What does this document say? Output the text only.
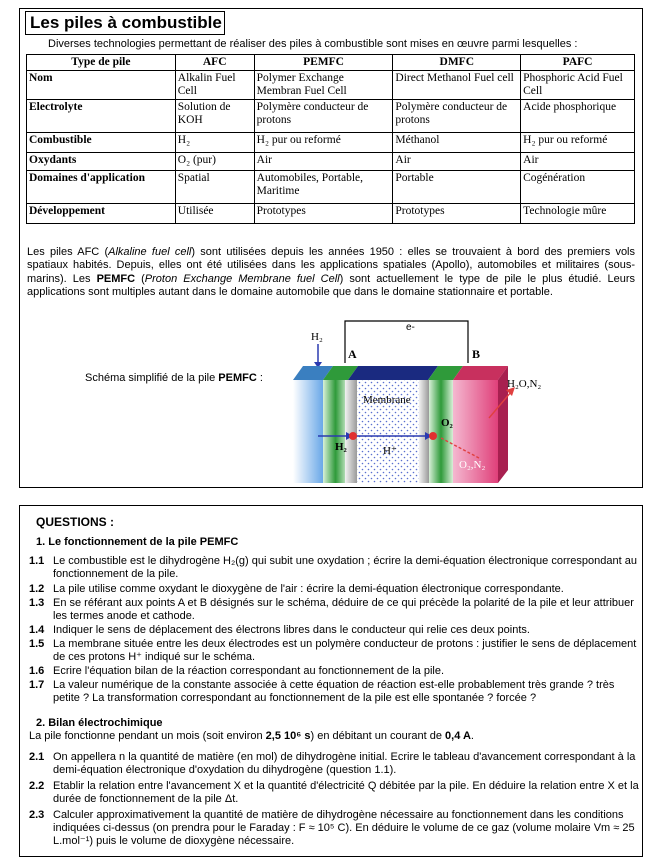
Les piles à combustible
Diverses technologies permettant de réaliser des piles à combustible sont mises en œuvre parmi lesquelles :
Type de pile	AFC	PEMFC	DMFC	PAFC
Nom	Alkalin Fuel Cell	Polymer Exchange Membran Fuel Cell	Direct Methanol Fuel cell	Phosphoric Acid Fuel Cell
Electrolyte	Solution de KOH	Polymère conducteur de protons	Polymère conducteur de protons	Acide phosphorique
Combustible	H₂	H₂ pur ou reformé	Méthanol	H₂ pur ou reformé
Oxydants	O₂ (pur)	Air	Air	Air
Domaines d'application	Spatial	Automobiles, Portable, Maritime	Portable	Cogénération
Développement	Utilisée	Prototypes	Prototypes	Technologie mûre
Les piles AFC (Alkaline fuel cell) sont utilisées depuis les années 1950 : elles se trouvaient à bord des premiers vols spatiaux habités. Depuis, elles ont été utilisées dans les applications spatiales (Apollo), automobiles et militaires (sous-marins). Les PEMFC (Proton Exchange Membrane fuel Cell) sont actuellement le type de pile le plus étudié. Leurs applications sont multiples autant dans le domaine automobile que dans le domaine stationnaire et portable.
Schéma simplifié de la pile PEMFC :
e-
H₂
A	B
Membrane
H₂	H⁺
O₂
H₂O,N₂
O₂,N₂
QUESTIONS :
1. Le fonctionnement de la pile PEMFC
1.1 Le combustible est le dihydrogène H₂(g) qui subit une oxydation ; écrire la demi-équation électronique correspondant au fonctionnement de la pile.
1.2 La pile utilise comme oxydant le dioxygène de l'air : écrire la demi-équation électronique correspondante.
1.3 En se référant aux points A et B désignés sur le schéma, déduire de ce qui précède la polarité de la pile et leur attribuer les termes anode et cathode.
1.4 Indiquer le sens de déplacement des électrons libres dans le conducteur qui relie ces deux points.
1.5 La membrane située entre les deux électrodes est un polymère conducteur de protons : justifier le sens de déplacement de ces protons H⁺ indiqué sur le schéma.
1.6 Ecrire l'équation bilan de la réaction correspondant au fonctionnement de la pile.
1.7 La valeur numérique de la constante associée à cette équation de réaction est-elle probablement très grande ? très petite ? La transformation correspondant au fonctionnement de la pile est elle spontanée ? forcée ?
2. Bilan électrochimique
La pile fonctionne pendant un mois (soit environ 2,5 10⁶ s) en débitant un courant de 0,4 A.
2.1 On appellera n la quantité de matière (en mol) de dihydrogène initial. Ecrire le tableau d'avancement correspondant à la demi-équation électronique d'oxydation du dihydrogène (question 1.1).
2.2 Etablir la relation entre l'avancement X et la quantité d'électricité Q débitée par la pile. En déduire la relation entre X et la durée de fonctionnement de la pile Δt.
2.3 Calculer approximativement la quantité de matière de dihydrogène nécessaire au fonctionnement dans les conditions indiquées ci-dessus (on prendra pour le Faraday : F ≈ 10⁵ C). En déduire le volume de ce gaz (volume molaire Vm ≈ 25 L.mol⁻¹) puis le volume de dioxygène nécessaire.
